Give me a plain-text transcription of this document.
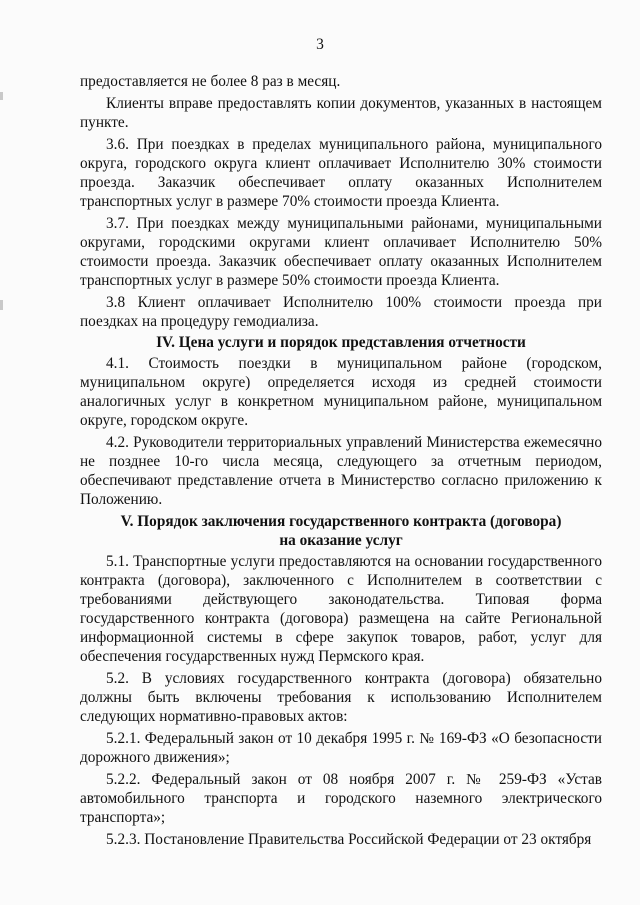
3

предоставляется не более 8 раз в месяц.

Клиенты вправе предоставлять копии документов, указанных в настоящем пункте.

3.6. При поездках в пределах муниципального района, муниципального округа, городского округа клиент оплачивает Исполнителю 30% стоимости проезда. Заказчик обеспечивает оплату оказанных Исполнителем транспортных услуг в размере 70% стоимости проезда Клиента.

3.7. При поездках между муниципальными районами, муниципальными округами, городскими округами клиент оплачивает Исполнителю 50% стоимости проезда. Заказчик обеспечивает оплату оказанных Исполнителем транспортных услуг в размере 50% стоимости проезда Клиента.

3.8 Клиент оплачивает Исполнителю 100% стоимости проезда при поездках на процедуру гемодиализа.

IV. Цена услуги и порядок представления отчетности

4.1. Стоимость поездки в муниципальном районе (городском, муниципальном округе) определяется исходя из средней стоимости аналогичных услуг в конкретном муниципальном районе, муниципальном округе, городском округе.

4.2. Руководители территориальных управлений Министерства ежемесячно не позднее 10-го числа месяца, следующего за отчетным периодом, обеспечивают представление отчета в Министерство согласно приложению к Положению.

V. Порядок заключения государственного контракта (договора)

на оказание услуг

5.1. Транспортные услуги предоставляются на основании государственного контракта (договора), заключенного с Исполнителем в соответствии с требованиями действующего законодательства. Типовая форма государственного контракта (договора) размещена на сайте Региональной информационной системы в сфере закупок товаров, работ, услуг для обеспечения государственных нужд Пермского края.

5.2. В условиях государственного контракта (договора) обязательно должны быть включены требования к использованию Исполнителем следующих нормативно-правовых актов:

5.2.1. Федеральный закон от 10 декабря 1995 г. № 169-ФЗ «О безопасности дорожного движения»;

5.2.2. Федеральный закон от 08 ноября 2007 г. № 259-ФЗ «Устав автомобильного транспорта и городского наземного электрического транспорта»;

5.2.3. Постановление Правительства Российской Федерации от 23 октября
